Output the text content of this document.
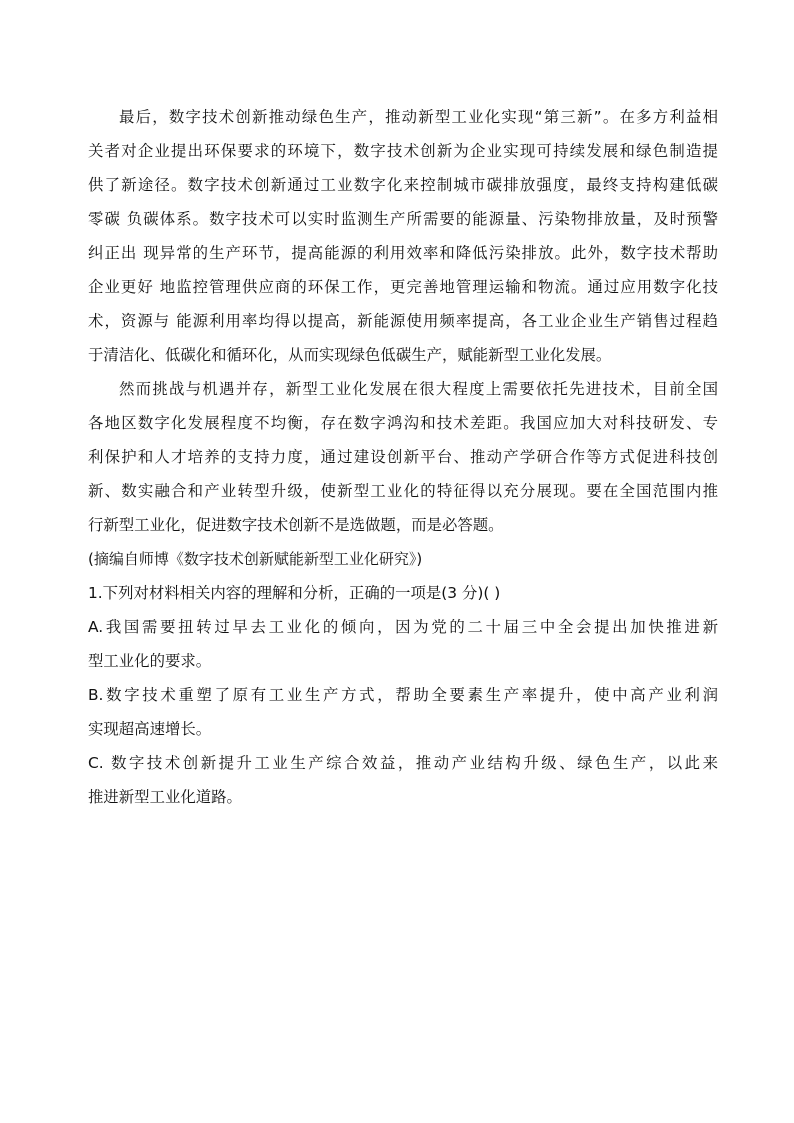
最后，数字技术创新推动绿色生产，推动新型工业化实现“第三新”。在多方利益相
关者对企业提出环保要求的环境下，数字技术创新为企业实现可持续发展和绿色制造提
供了新途径。数字技术创新通过工业数字化来控制城市碳排放强度，最终支持构建低碳
零碳 负碳体系。数字技术可以实时监测生产所需要的能源量、污染物排放量，及时预警
纠正出 现异常的生产环节，提高能源的利用效率和降低污染排放。此外，数字技术帮助
企业更好 地监控管理供应商的环保工作，更完善地管理运输和物流。通过应用数字化技
术，资源与 能源利用率均得以提高，新能源使用频率提高，各工业企业生产销售过程趋
于清洁化、低碳化和循环化，从而实现绿色低碳生产，赋能新型工业化发展。
然而挑战与机遇并存，新型工业化发展在很大程度上需要依托先进技术，目前全国
各地区数字化发展程度不均衡，存在数字鸿沟和技术差距。我国应加大对科技研发、专
利保护和人才培养的支持力度，通过建设创新平台、推动产学研合作等方式促进科技创
新、数实融合和产业转型升级，使新型工业化的特征得以充分展现。要在全国范围内推
行新型工业化，促进数字技术创新不是选做题，而是必答题。
(摘编自师博《数字技术创新赋能新型工业化研究》)
1.下列对材料相关内容的理解和分析，正确的一项是(3 分)( )
A.我国需要扭转过早去工业化的倾向，因为党的二十届三中全会提出加快推进新
型工业化的要求。
B.数字技术重塑了原有工业生产方式，帮助全要素生产率提升，使中高产业利润
实现超高速增长。
C. 数字技术创新提升工业生产综合效益，推动产业结构升级、绿色生产，以此来
推进新型工业化道路。
